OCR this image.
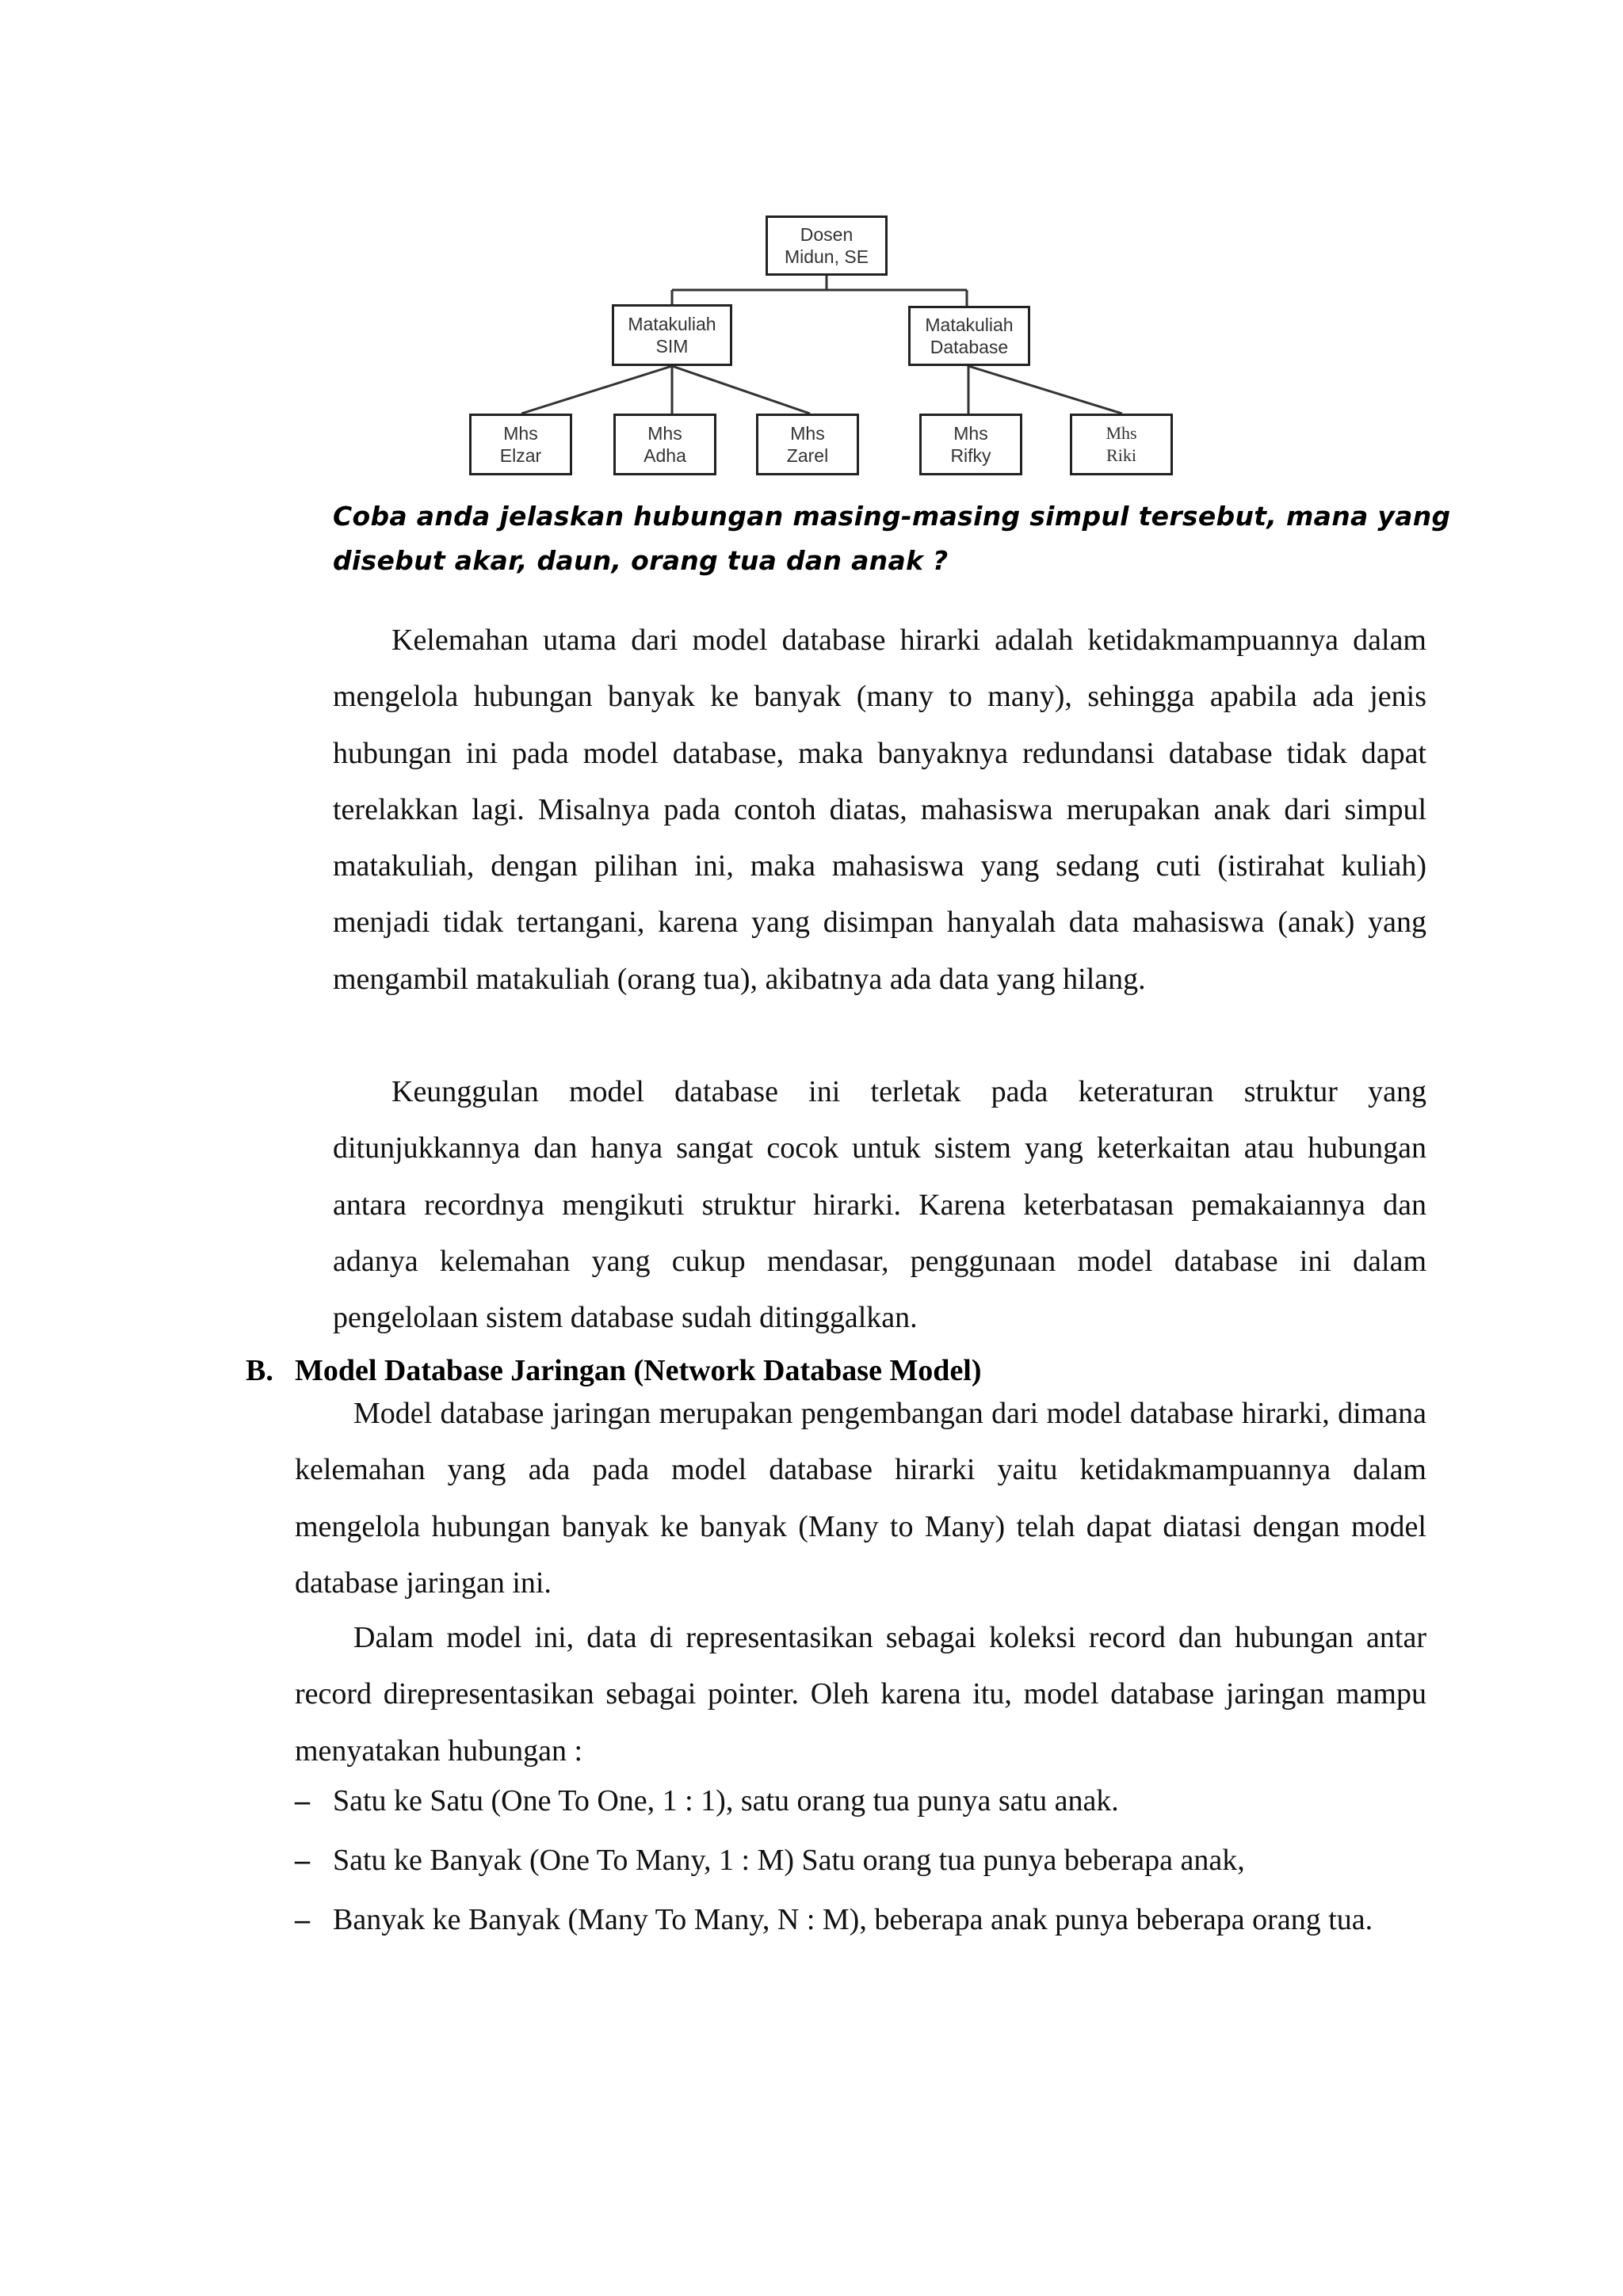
Dosen
Midun, SE
Matakuliah
SIM
Matakuliah
Database
Mhs
Elzar
Mhs
Adha
Mhs
Zarel
Mhs
Rifky
Mhs
Riki
Coba anda jelaskan hubungan masing-masing simpul tersebut, mana yang
disebut akar, daun, orang tua dan anak ?

Kelemahan utama dari model database hirarki adalah ketidakmampuannya dalam mengelola hubungan banyak ke banyak (many to many), sehingga apabila ada jenis hubungan ini pada model database, maka banyaknya redundansi database tidak dapat terelakkan lagi. Misalnya pada contoh diatas, mahasiswa merupakan anak dari simpul matakuliah, dengan pilihan ini, maka mahasiswa yang sedang cuti (istirahat kuliah) menjadi tidak tertangani, karena yang disimpan hanyalah data mahasiswa (anak) yang mengambil matakuliah (orang tua), akibatnya ada data yang hilang.

Keunggulan model database ini terletak pada keteraturan struktur yang ditunjukkannya dan hanya sangat cocok untuk sistem yang keterkaitan atau hubungan antara recordnya mengikuti struktur hirarki. Karena keterbatasan pemakaiannya dan adanya kelemahan yang cukup mendasar, penggunaan model database ini dalam pengelolaan sistem database sudah ditinggalkan.

B. Model Database Jaringan (Network Database Model)

Model database jaringan merupakan pengembangan dari model database hirarki, dimana kelemahan yang ada pada model database hirarki yaitu ketidakmampuannya dalam mengelola hubungan banyak ke banyak (Many to Many) telah dapat diatasi dengan model database jaringan ini.

Dalam model ini, data di representasikan sebagai koleksi record dan hubungan antar record direpresentasikan sebagai pointer. Oleh karena itu, model database jaringan mampu menyatakan hubungan :

– Satu ke Satu (One To One, 1 : 1), satu orang tua punya satu anak.
– Satu ke Banyak (One To Many, 1 : M) Satu orang tua punya beberapa anak,
– Banyak ke Banyak (Many To Many, N : M), beberapa anak punya beberapa orang tua.
